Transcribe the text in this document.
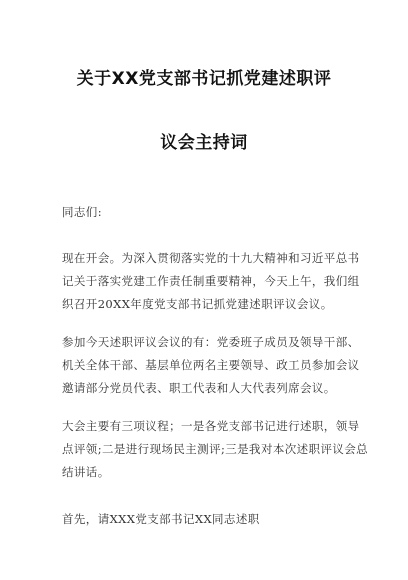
关于XX党支部书记抓党建述职评
议会主持词
同志们:
现在开会。为深入贯彻落实党的十九大精神和习近平总书
记关于落实党建工作责任制重要精神，今天上午，我们组
织召开20XX年度党支部书记抓党建述职评议会议。
参加今天述职评议会议的有：党委班子成员及领导干部、
机关全体干部、基层单位两名主要领导、政工员参加会议
邀请部分党员代表、职工代表和人大代表列席会议。
大会主要有三项议程；一是各党支部书记进行述职，领导
点评领;二是进行现场民主测评;三是我对本次述职评议会总
结讲话。
首先，请XXX党支部书记XX同志述职
